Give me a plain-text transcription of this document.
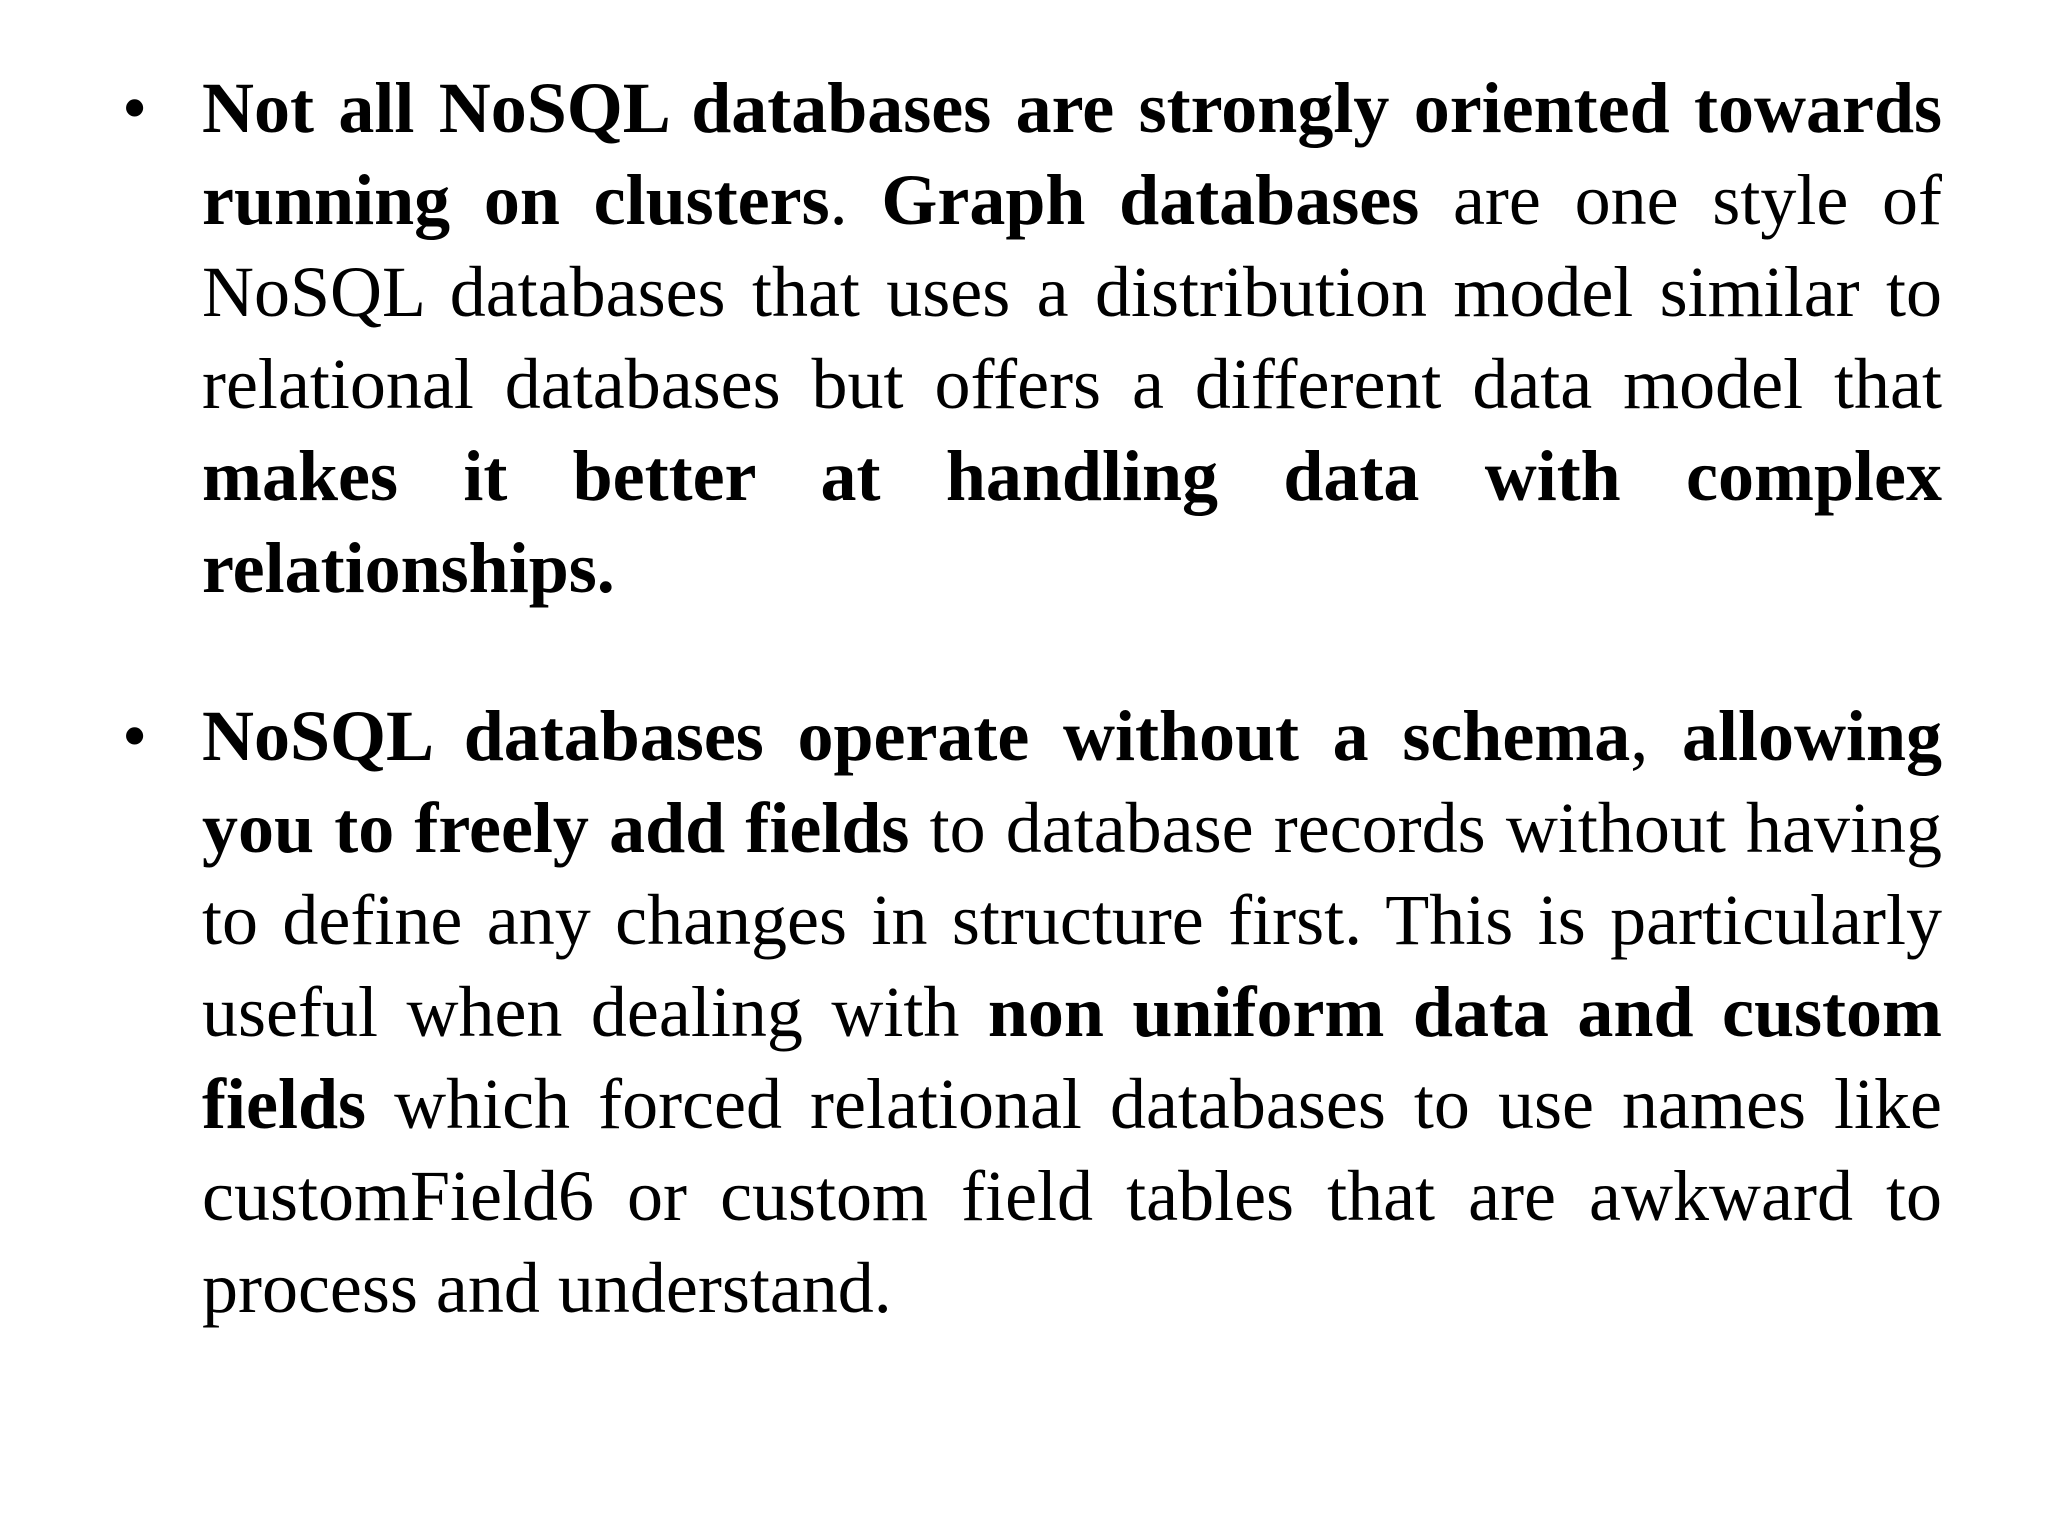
• Not all NoSQL databases are strongly oriented towards running on clusters. Graph databases are one style of NoSQL databases that uses a distribution model similar to relational databases but offers a different data model that makes it better at handling data with complex relationships.

• NoSQL databases operate without a schema, allowing you to freely add fields to database records without having to define any changes in structure first. This is particularly useful when dealing with non uniform data and custom fields which forced relational databases to use names like customField6 or custom field tables that are awkward to process and understand.
